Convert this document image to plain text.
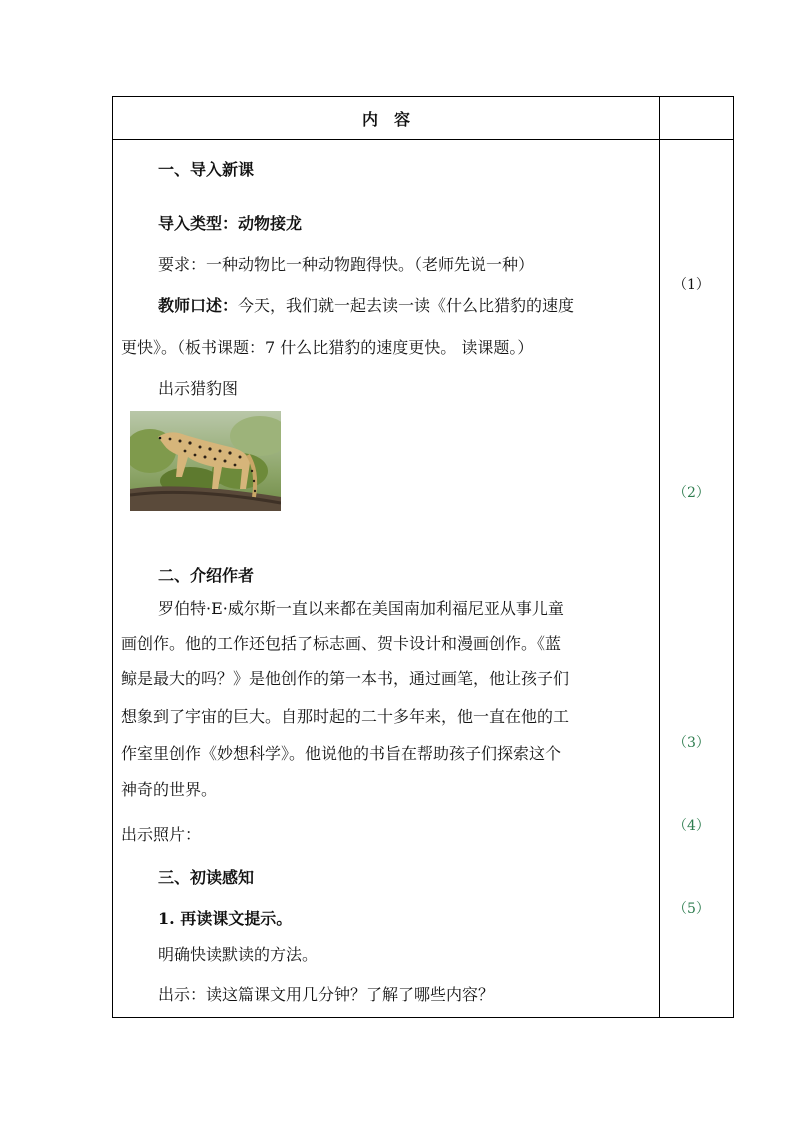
内　容
一、导入新课
导入类型：动物接龙
要求：一种动物比一种动物跑得快。（老师先说一种）
教师口述：今天，我们就一起去读一读《什么比猎豹的速度
更快》。（板书课题：7 什么比猎豹的速度更快。 读课题。）
出示猎豹图
二、介绍作者
罗伯特·E·威尔斯一直以来都在美国南加利福尼亚从事儿童
画创作。他的工作还包括了标志画、贺卡设计和漫画创作。《蓝
鲸是最大的吗？》是他创作的第一本书，通过画笔，他让孩子们
想象到了宇宙的巨大。自那时起的二十多年来，他一直在他的工
作室里创作《妙想科学》。他说他的书旨在帮助孩子们探索这个
神奇的世界。
出示照片：
三、初读感知
1. 再读课文提示。
明确快读默读的方法。
出示：读这篇课文用几分钟？了解了哪些内容？
（1）
（2）
（3）
（4）
（5）
